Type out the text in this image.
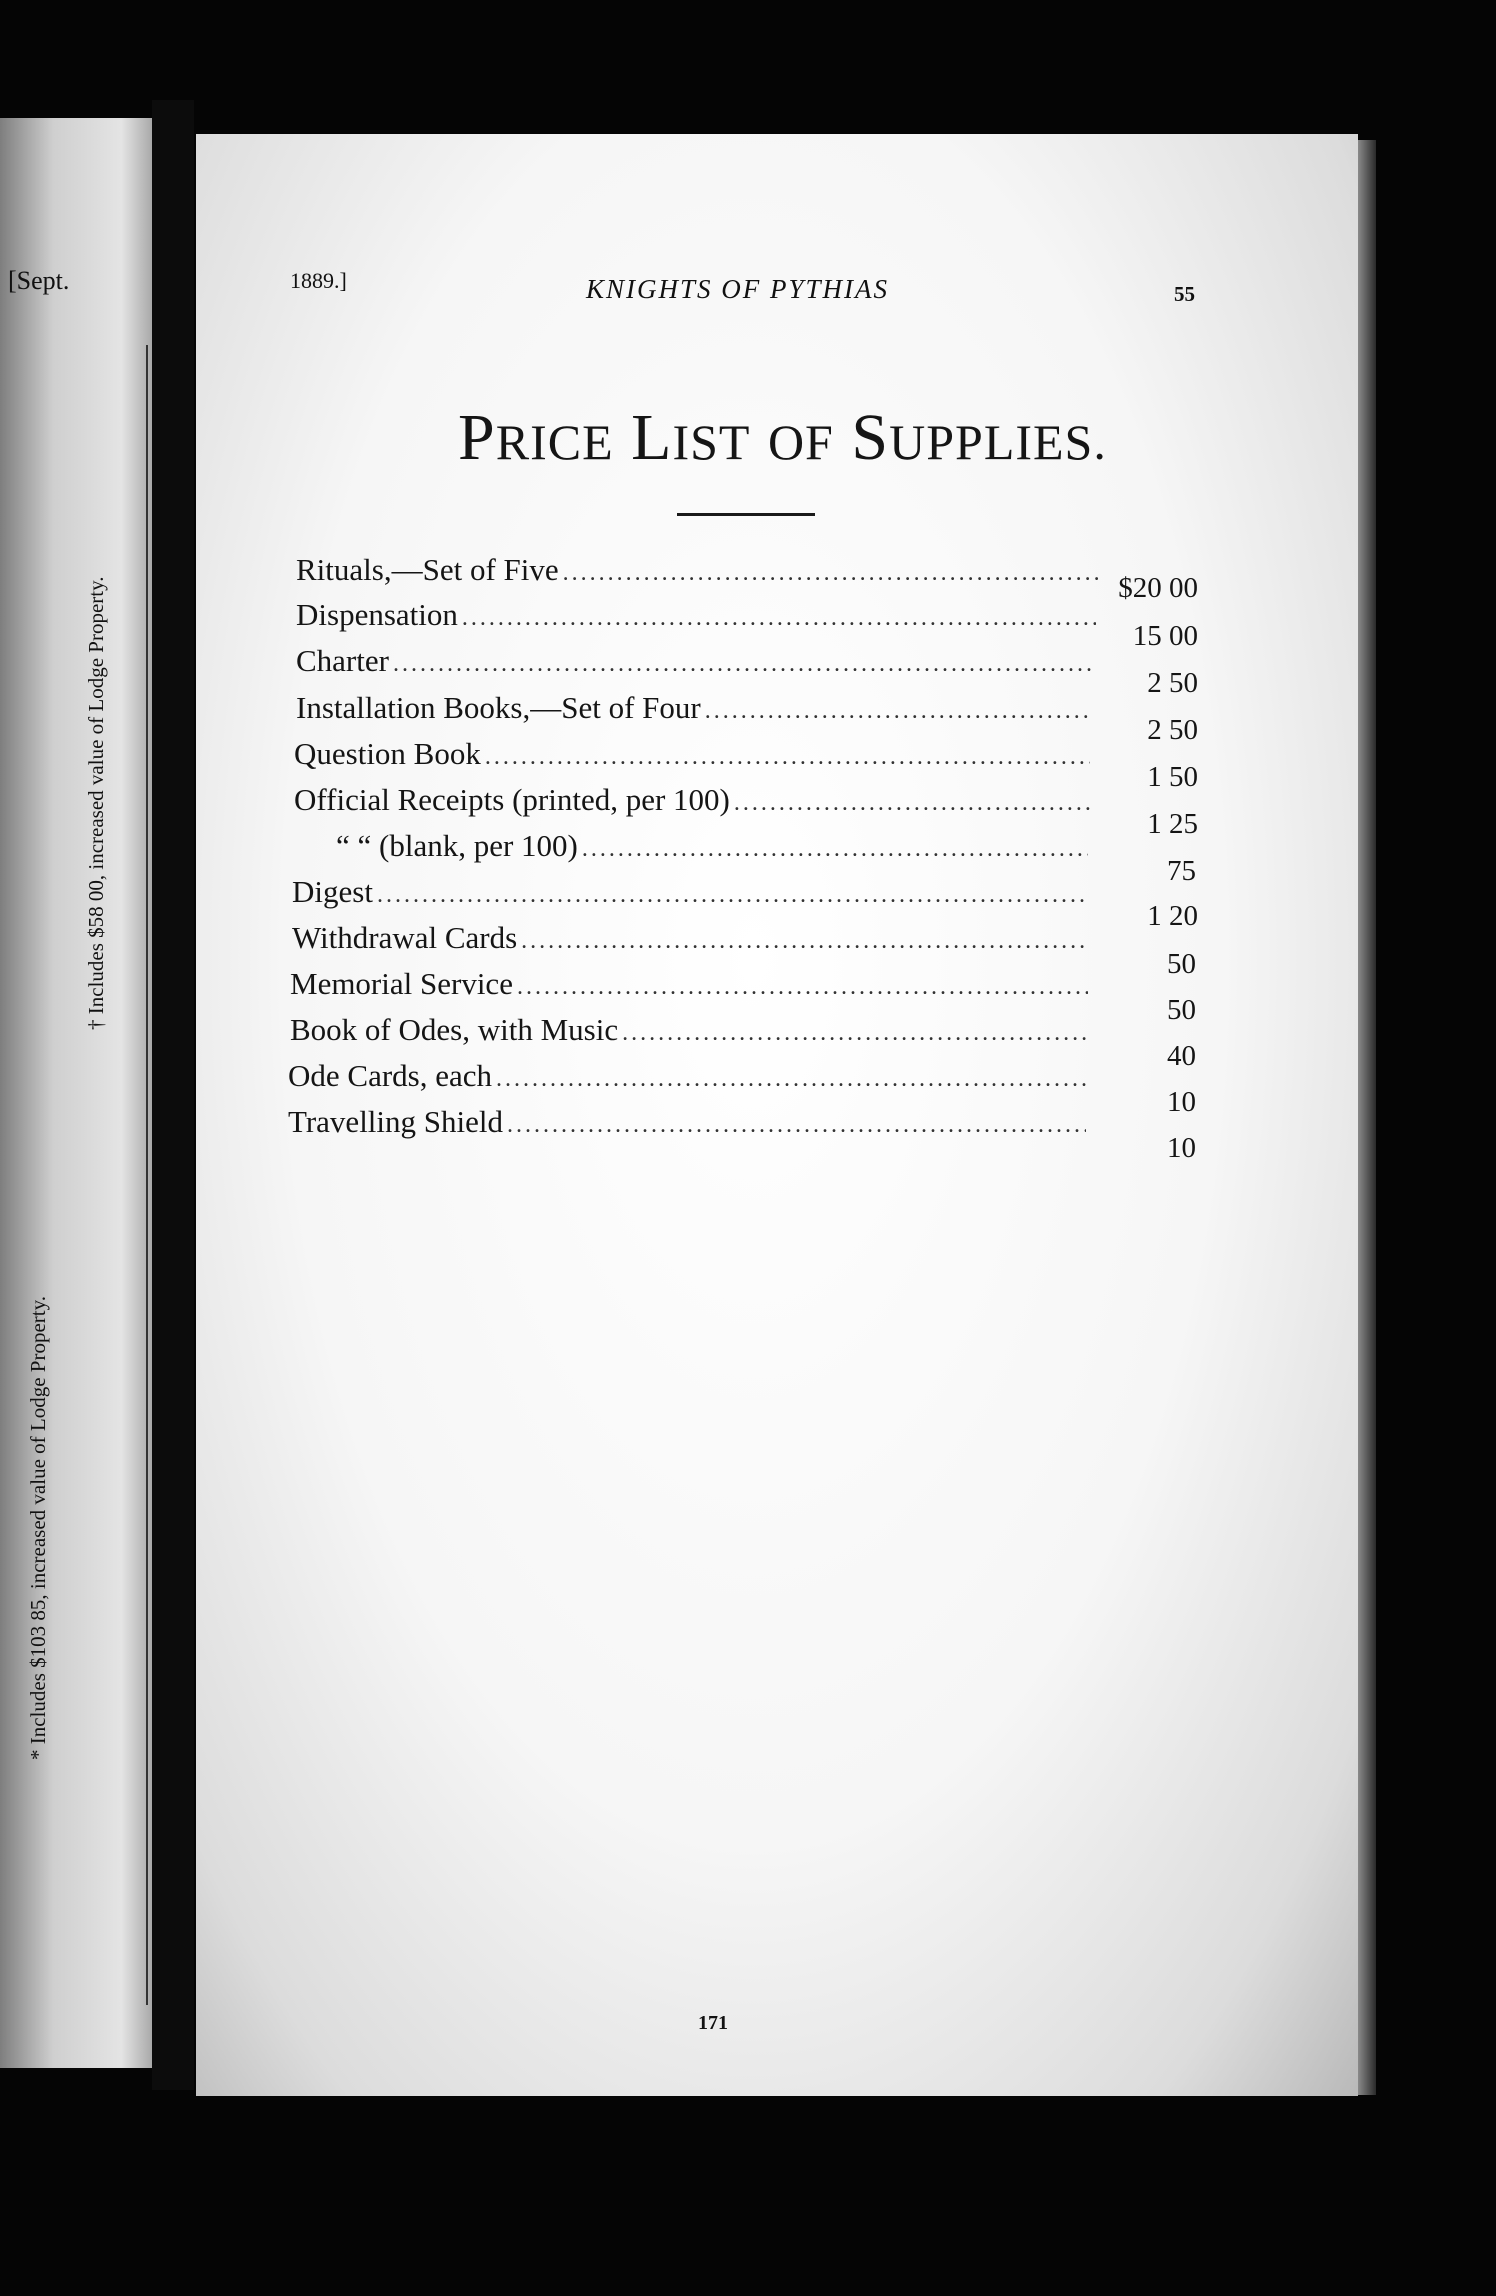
[Sept.
† Includes $58 00, increased value of Lodge Property.
* Includes $103 85, increased value of Lodge Property.
1889.]	KNIGHTS OF PYTHIAS	55
PRICE LIST OF SUPPLIES.
Rituals,—Set of Five
.....
$20 00
Dispensation
.....
15 00
Charter
.....
2 50
Installation Books,—Set of Four
.....
2 50
Question Book
.....
1 50
Official Receipts (printed, per 100)
.....
1 25
“ “ (blank, per 100)
.....
75
Digest
.....
1 20
Withdrawal Cards
.....
50
Memorial Service
.....
50
Book of Odes, with Music
.....
40
Ode Cards, each
.....
10
Travelling Shield
.....
10
171
